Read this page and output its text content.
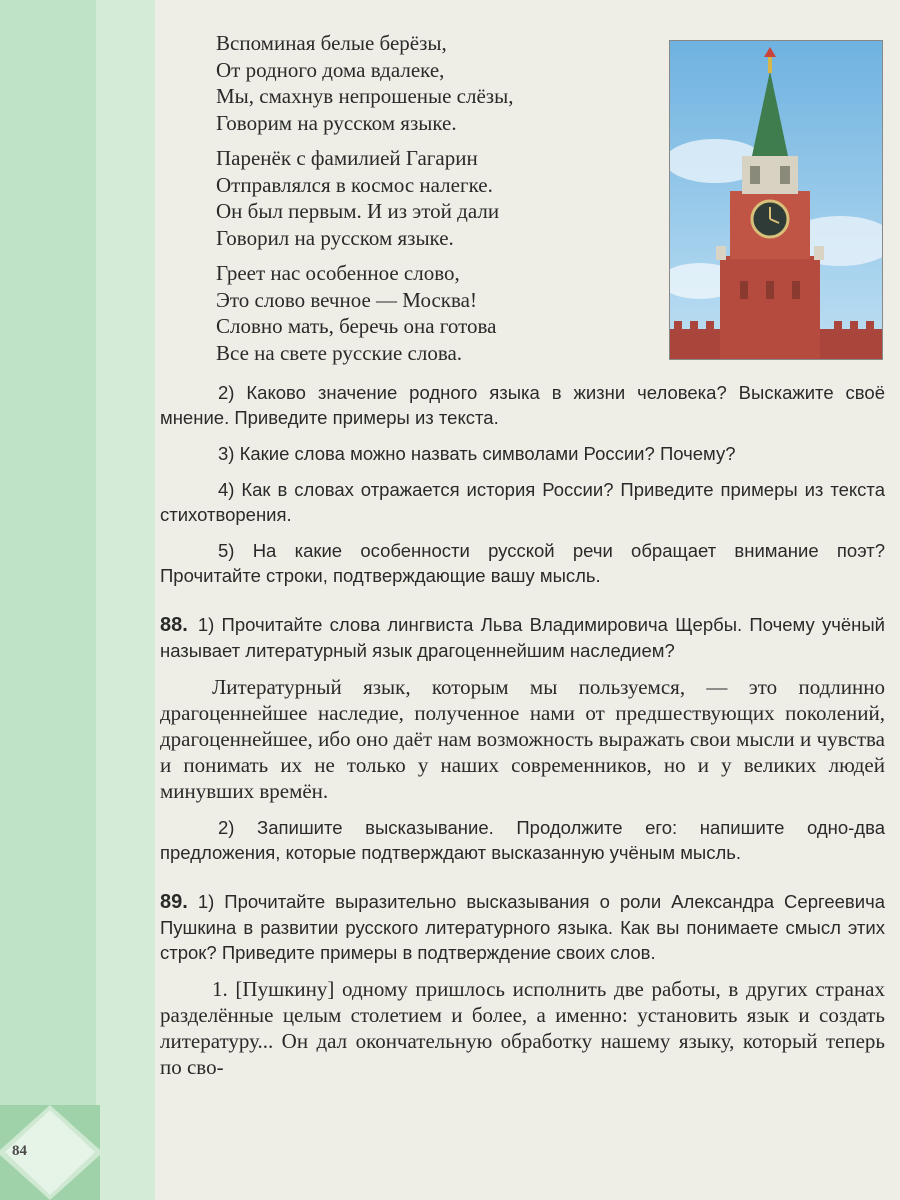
84
Вспоминая белые берёзы,
От родного дома вдалеке,
Мы, смахнув непрошеные слёзы,
Говорим на русском языке.
Паренёк с фамилией Гагарин
Отправлялся в космос налегке.
Он был первым. И из этой дали
Говорил на русском языке.
Греет нас особенное слово,
Это слово вечное — Москва!
Словно мать, беречь она готова
Все на свете русские слова.

2) Каково значение родного языка в жизни человека? Выскажите своё мнение. Приведите примеры из текста.

3) Какие слова можно назвать символами России? Почему?

4) Как в словах отражается история России? Приведите примеры из текста стихотворения.

5) На какие особенности русской речи обращает внимание поэт? Прочитайте строки, подтверждающие вашу мысль.

88. 1) Прочитайте слова лингвиста Льва Владимировича Щербы. Почему учёный называет литературный язык драгоценнейшим наследием?

Литературный язык, которым мы пользуемся, — это подлинно драгоценнейшее наследие, полученное нами от предшествующих поколений, драгоценнейшее, ибо оно даёт нам возможность выражать свои мысли и чувства и понимать их не только у наших современников, но и у великих людей минувших времён.

2) Запишите высказывание. Продолжите его: напишите одно-два предложения, которые подтверждают высказанную учёным мысль.

89. 1) Прочитайте выразительно высказывания о роли Александра Сергеевича Пушкина в развитии русского литературного языка. Как вы понимаете смысл этих строк? Приведите примеры в подтверждение своих слов.

1. [Пушкину] одному пришлось исполнить две работы, в других странах разделённые целым столетием и более, а именно: установить язык и создать литературу... Он дал окончательную обработку нашему языку, который теперь по сво-
